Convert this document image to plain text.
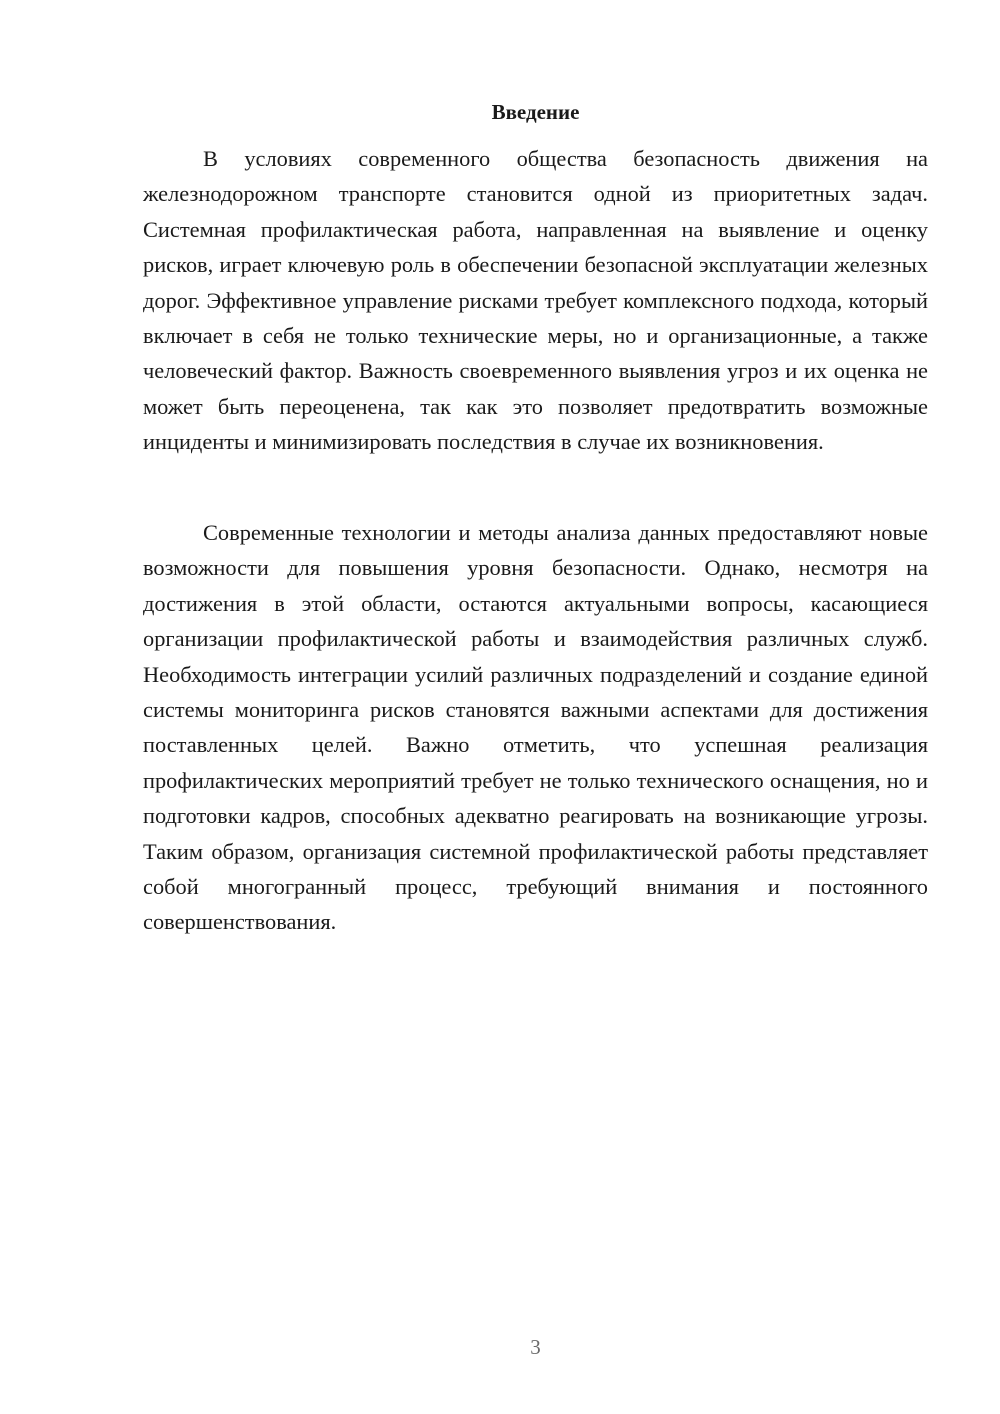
Введение

В условиях современного общества безопасность движения на железнодорожном транспорте становится одной из приоритетных задач. Системная профилактическая работа, направленная на выявление и оценку рисков, играет ключевую роль в обеспечении безопасной эксплуатации железных дорог. Эффективное управление рисками требует комплексного подхода, который включает в себя не только технические меры, но и организационные, а также человеческий фактор. Важность своевременного выявления угроз и их оценка не может быть переоценена, так как это позволяет предотвратить возможные инциденты и минимизировать последствия в случае их возникновения.

Современные технологии и методы анализа данных предоставляют новые возможности для повышения уровня безопасности. Однако, несмотря на достижения в этой области, остаются актуальными вопросы, касающиеся организации профилактической работы и взаимодействия различных служб. Необходимость интеграции усилий различных подразделений и создание единой системы мониторинга рисков становятся важными аспектами для достижения поставленных целей. Важно отметить, что успешная реализация профилактических мероприятий требует не только технического оснащения, но и подготовки кадров, способных адекватно реагировать на возникающие угрозы. Таким образом, организация системной профилактической работы представляет собой многогранный процесс, требующий внимания и постоянного совершенствования.

3
